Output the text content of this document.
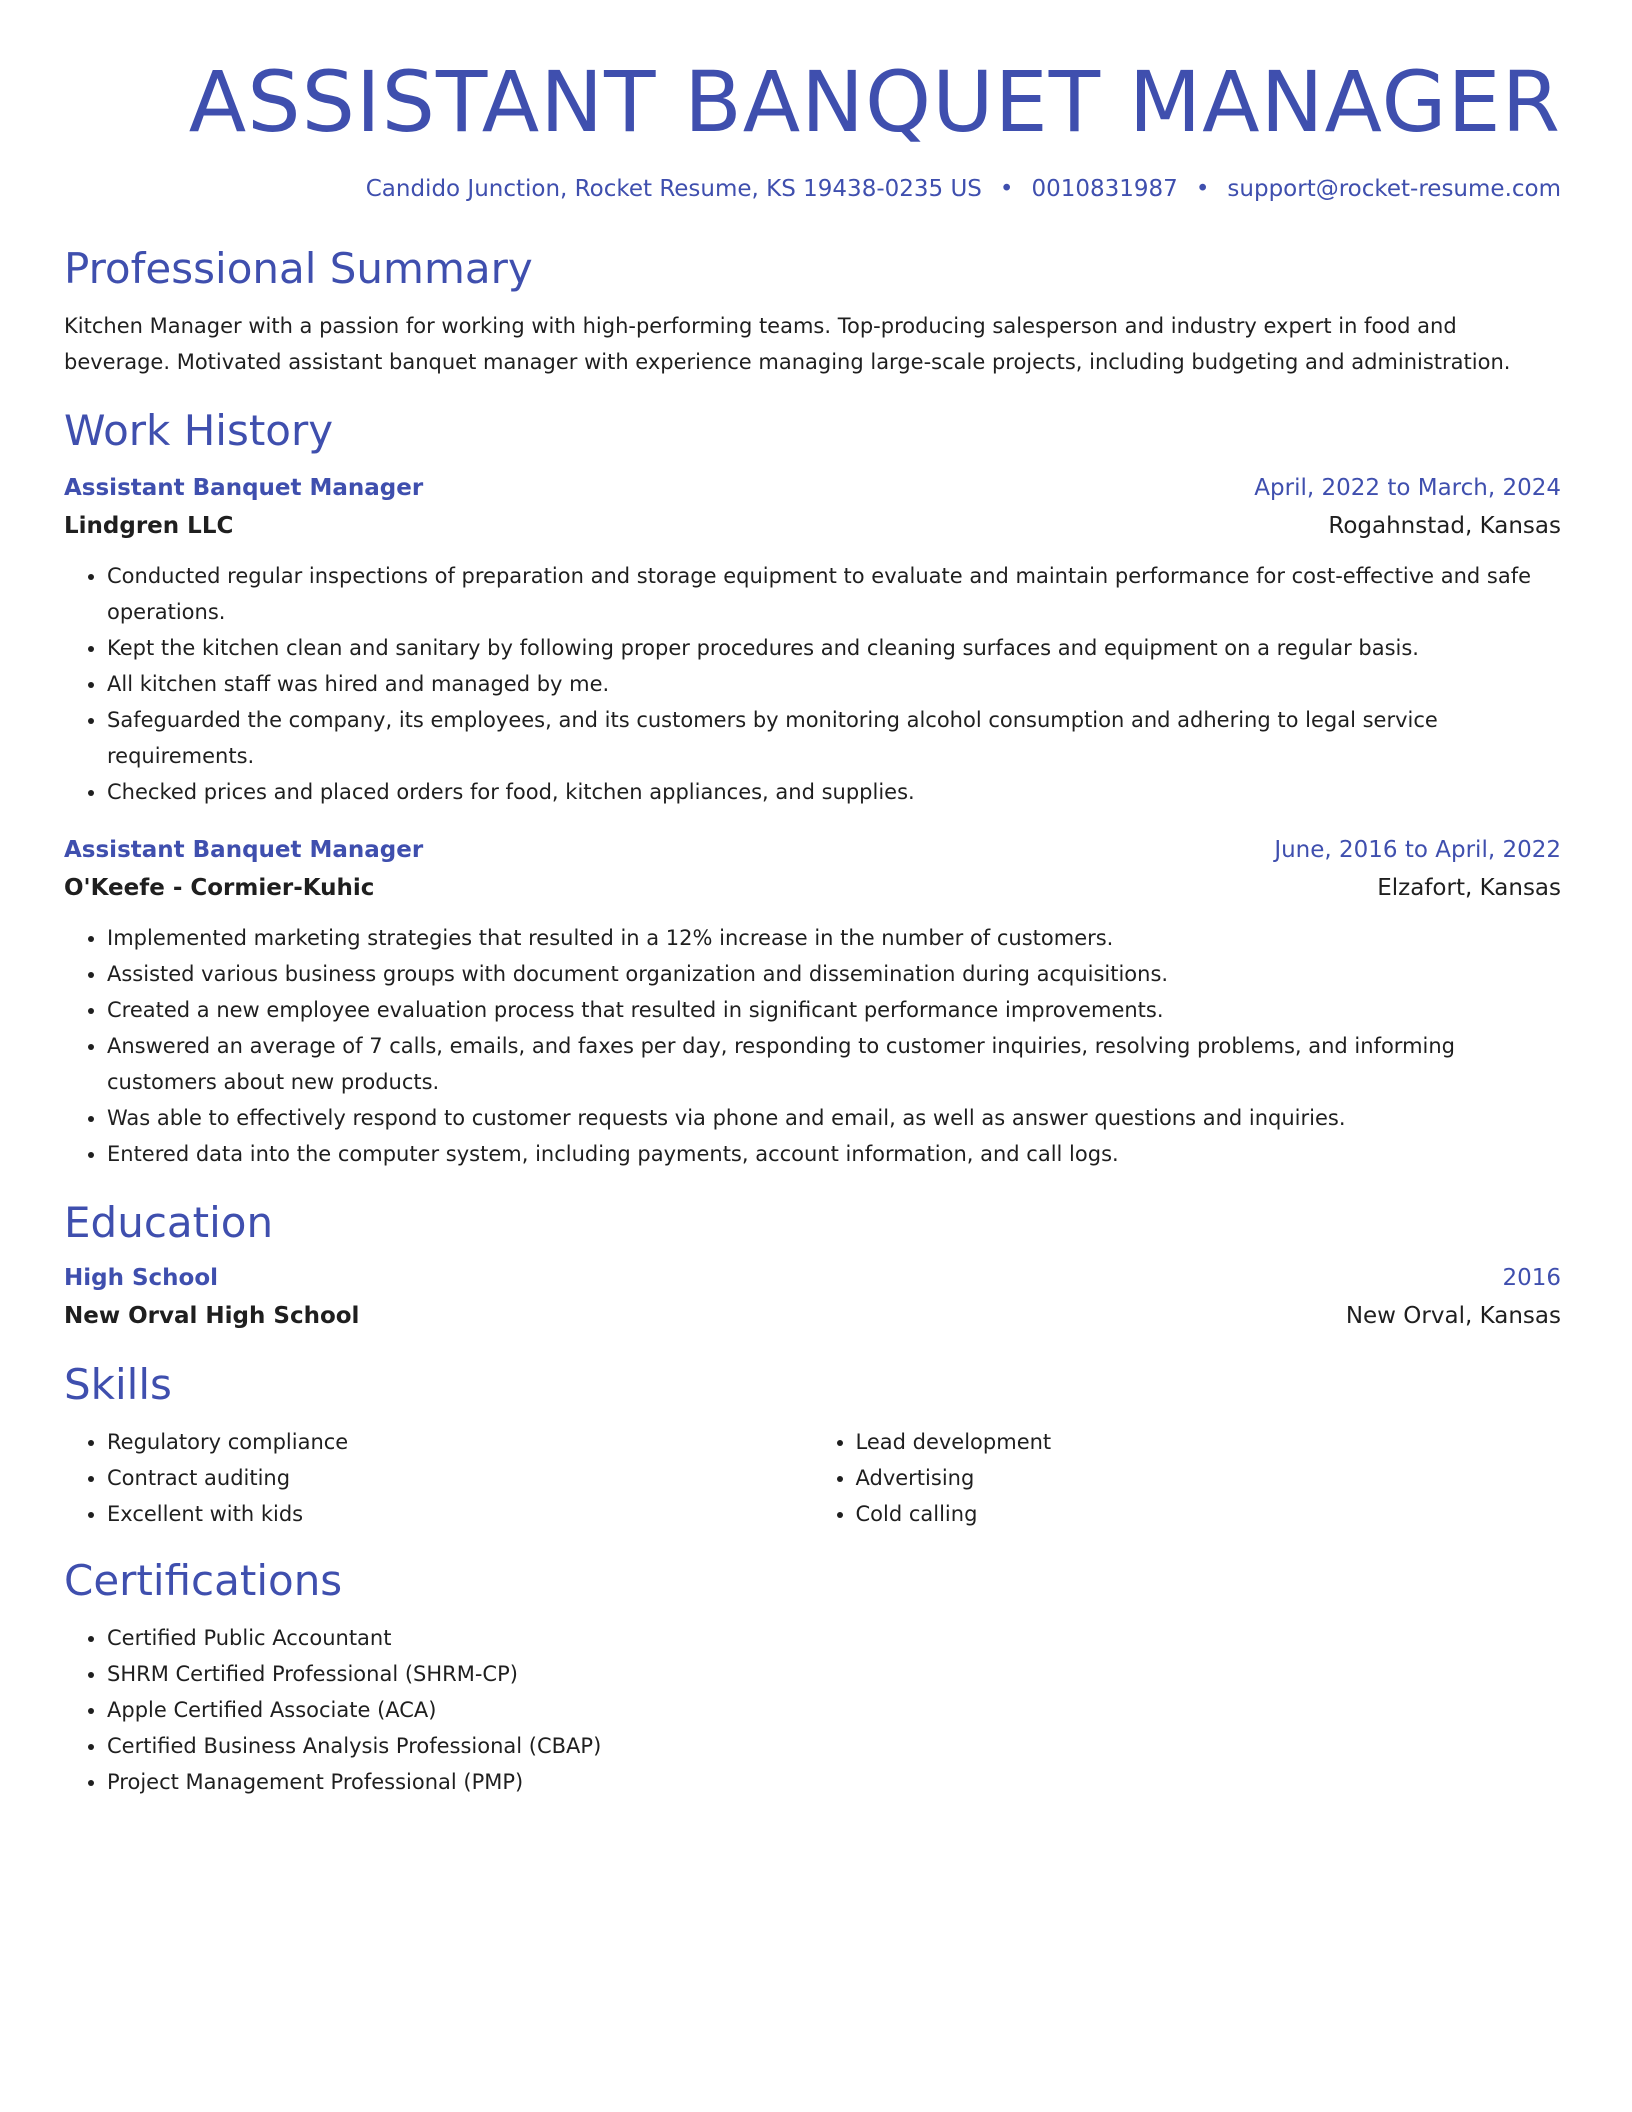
ASSISTANT BANQUET MANAGER
Candido Junction, Rocket Resume, KS 19438-0235 US • 0010831987 • support@rocket-resume.com
Professional Summary
Kitchen Manager with a passion for working with high-performing teams. Top-producing salesperson and industry expert in food and beverage. Motivated assistant banquet manager with experience managing large-scale projects, including budgeting and administration.
Work History
Assistant Banquet Manager	April, 2022 to March, 2024
Lindgren LLC	Rogahnstad, Kansas
• Conducted regular inspections of preparation and storage equipment to evaluate and maintain performance for cost-effective and safe operations.
• Kept the kitchen clean and sanitary by following proper procedures and cleaning surfaces and equipment on a regular basis.
• All kitchen staff was hired and managed by me.
• Safeguarded the company, its employees, and its customers by monitoring alcohol consumption and adhering to legal service requirements.
• Checked prices and placed orders for food, kitchen appliances, and supplies.
Assistant Banquet Manager	June, 2016 to April, 2022
O'Keefe - Cormier-Kuhic	Elzafort, Kansas
• Implemented marketing strategies that resulted in a 12% increase in the number of customers.
• Assisted various business groups with document organization and dissemination during acquisitions.
• Created a new employee evaluation process that resulted in significant performance improvements.
• Answered an average of 7 calls, emails, and faxes per day, responding to customer inquiries, resolving problems, and informing customers about new products.
• Was able to effectively respond to customer requests via phone and email, as well as answer questions and inquiries.
• Entered data into the computer system, including payments, account information, and call logs.
Education
High School	2016
New Orval High School	New Orval, Kansas
Skills
• Regulatory compliance
• Contract auditing
• Excellent with kids
• Lead development
• Advertising
• Cold calling
Certifications
• Certified Public Accountant
• SHRM Certified Professional (SHRM-CP)
• Apple Certified Associate (ACA)
• Certified Business Analysis Professional (CBAP)
• Project Management Professional (PMP)
